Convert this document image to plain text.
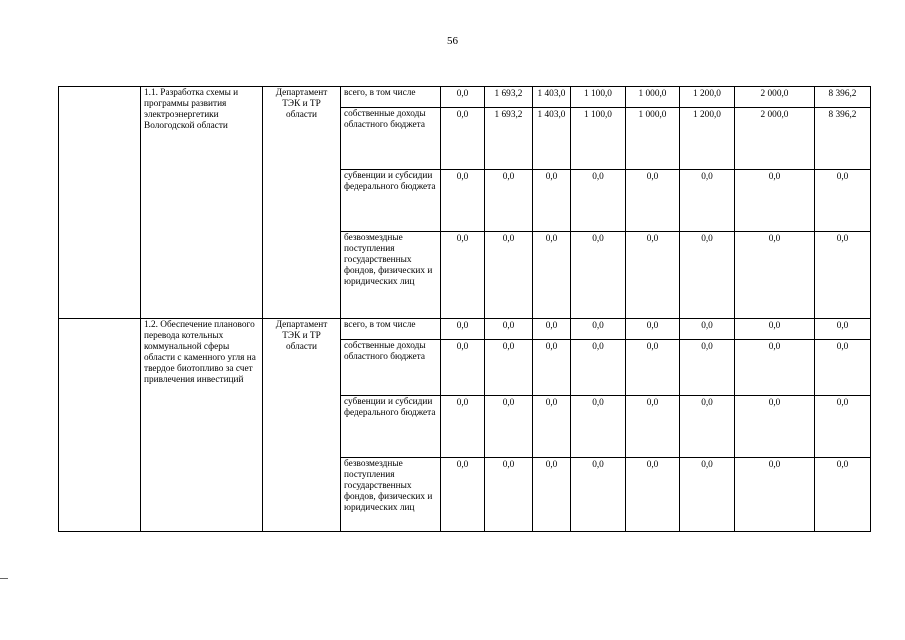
56
	1.1. Разработка схемы и программы развития электроэнергетики Вологодской области	Департамент ТЭК и ТР области	всего, в том числе	0,0	1 693,2	1 403,0	1 100,0	1 000,0	1 200,0	2 000,0	8 396,2
			собственные доходы областного бюджета	0,0	1 693,2	1 403,0	1 100,0	1 000,0	1 200,0	2 000,0	8 396,2
			субвенции и субсидии федерального бюджета	0,0	0,0	0,0	0,0	0,0	0,0	0,0	0,0
			безвозмездные поступления государственных фондов, физических и юридических лиц	0,0	0,0	0,0	0,0	0,0	0,0	0,0	0,0
	1.2. Обеспечение планового перевода котельных коммунальной сферы области с каменного угля на твердое биотопливо за счет привлечения инвестиций	Департамент ТЭК и ТР области	всего, в том числе	0,0	0,0	0,0	0,0	0,0	0,0	0,0	0,0
			собственные доходы областного бюджета	0,0	0,0	0,0	0,0	0,0	0,0	0,0	0,0
			субвенции и субсидии федерального бюджета	0,0	0,0	0,0	0,0	0,0	0,0	0,0	0,0
			безвозмездные поступления государственных фондов, физических и юридических лиц	0,0	0,0	0,0	0,0	0,0	0,0	0,0	0,0
